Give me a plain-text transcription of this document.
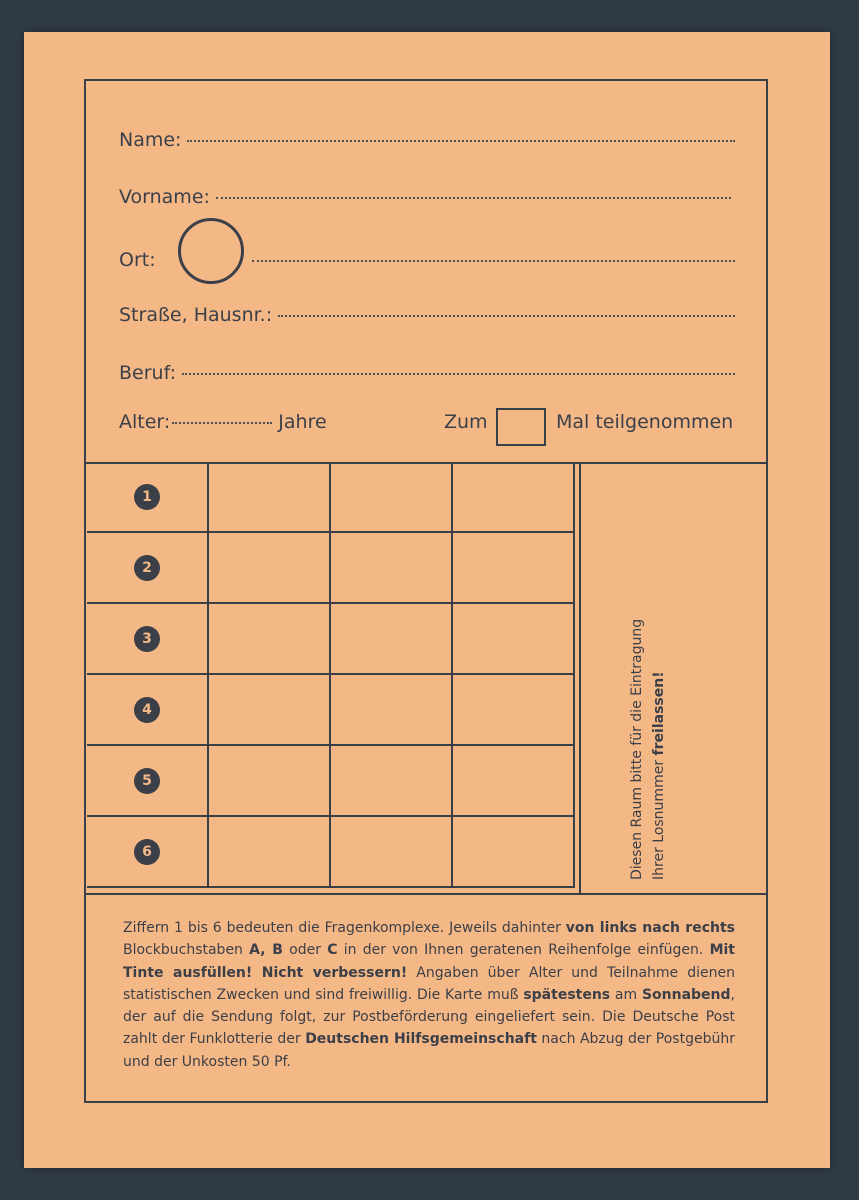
Name:
Vorname:
Ort:
Straße, Hausnr.:
Beruf:
Alter:	Jahre	Zum	Mal teilgenommen
1			
2			
3			
4			
5			
6				Diesen Raum bitte für die Eintragung Ihrer Losnummer freilassen!
Ziffern 1 bis 6 bedeuten die Fragenkomplexe. Jeweils dahinter von links nach rechts Blockbuchstaben A, B oder C in der von Ihnen geratenen Reihenfolge einfügen. Mit Tinte ausfüllen! Nicht verbessern! Angaben über Alter und Teilnahme dienen statistischen Zwecken und sind freiwillig. Die Karte muß spätestens am Sonnabend, der auf die Sendung folgt, zur Postbeförderung eingeliefert sein. Die Deutsche Post zahlt der Funklotterie der Deutschen Hilfsgemeinschaft nach Abzug der Postgebühr und der Unkosten 50 Pf.
